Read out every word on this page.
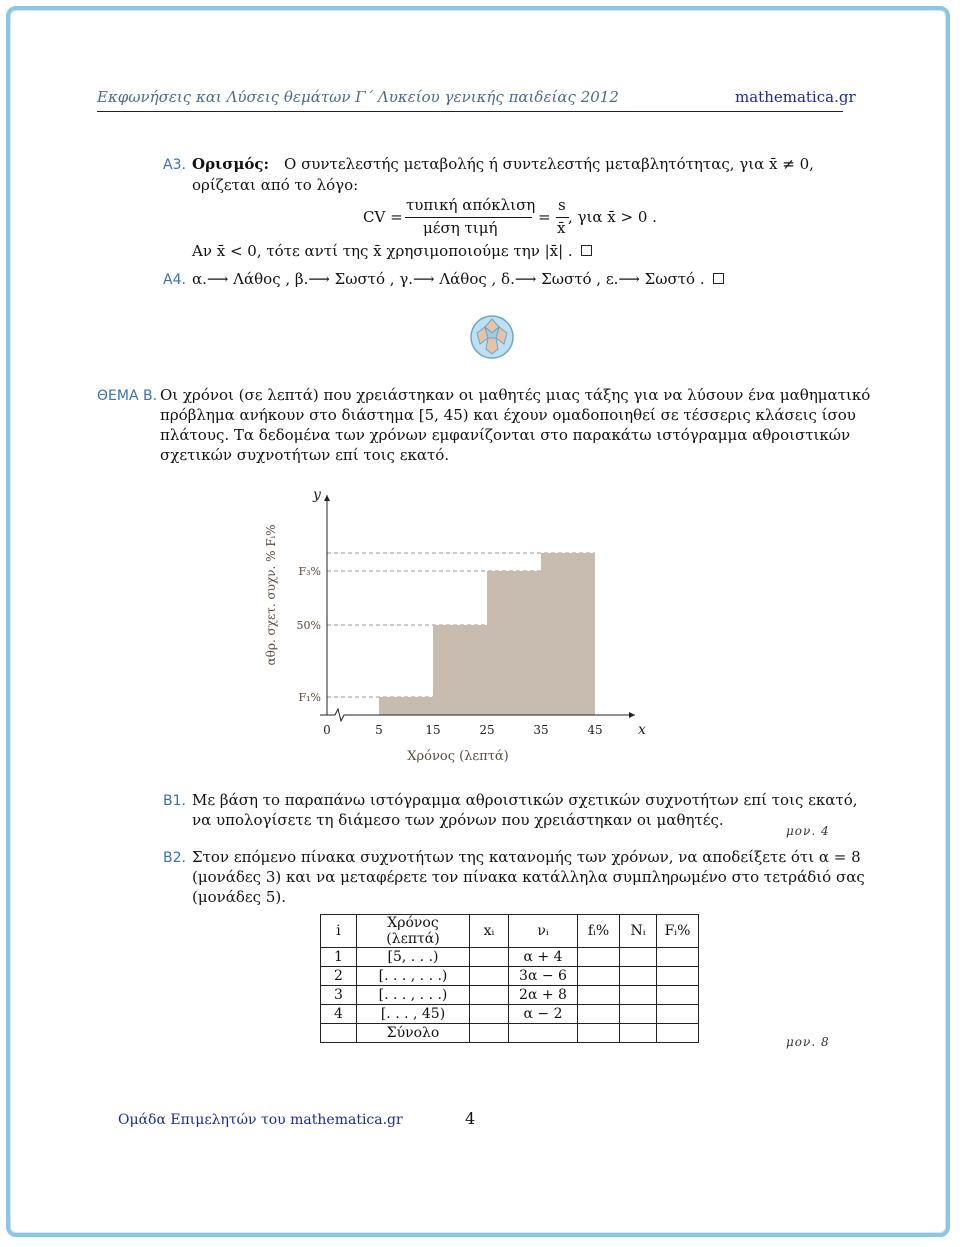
Εκφωνήσεις και Λύσεις θεμάτων Γ΄ Λυκείου γενικής παιδείας 2012	mathematica.gr
A3. Ορισμός: Ο συντελεστής μεταβολής ή συντελεστής μεταβλητότητας, για x̄ ≠ 0,
ορίζεται από το λόγο:
CV =
τυπική απόκλιση
μέση τιμή
=
s
x̄
, για x̄ > 0 .
Αν x̄ < 0, τότε αντί της x̄ χρησιμοποιούμε την |x̄| .
A4. α.⟶ Λάθος , β.⟶ Σωστό , γ.⟶ Λάθος , δ.⟶ Σωστό , ε.⟶ Σωστό .
ΘΕΜΑ Β. Οι χρόνοι (σε λεπτά) που χρειάστηκαν οι μαθητές μιας τάξης για να λύσουν ένα μαθηματικό
πρόβλημα ανήκουν στο διάστημα [5, 45) και έχουν ομαδοποιηθεί σε τέσσερις κλάσεις ίσου
πλάτους. Τα δεδομένα των χρόνων εμφανίζονται στο παρακάτω ιστόγραμμα αθροιστικών
σχετικών συχνοτήτων επί τοις εκατό.
0	5	15	25	35	45	x
y
F₁%
50%
F₃%
Χρόνος (λεπτά)
αθρ. σχετ. συχν. % Fᵢ%
B1. Με βάση το παραπάνω ιστόγραμμα αθροιστικών σχετικών συχνοτήτων επί τοις εκατό,
να υπολογίσετε τη διάμεσο των χρόνων που χρειάστηκαν οι μαθητές.
μον. 4
B2. Στον επόμενο πίνακα συχνοτήτων της κατανομής των χρόνων, να αποδείξετε ότι α = 8
(μονάδες 3) και να μεταφέρετε τον πίνακα κατάλληλα συμπληρωμένο στο τετράδιό σας
(μονάδες 5).
i	Χρόνος (λεπτά)	xᵢ	νᵢ	fᵢ%	Nᵢ	Fᵢ%
1	[5, . . .)		α + 4			
2	[. . . , . . .)		3α − 6			
3	[. . . , . . .)		2α + 8			
4	[. . . , 45)		α − 2			
	Σύνολο					
μον. 8
Ομάδα Επιμελητών του mathematica.gr	4
